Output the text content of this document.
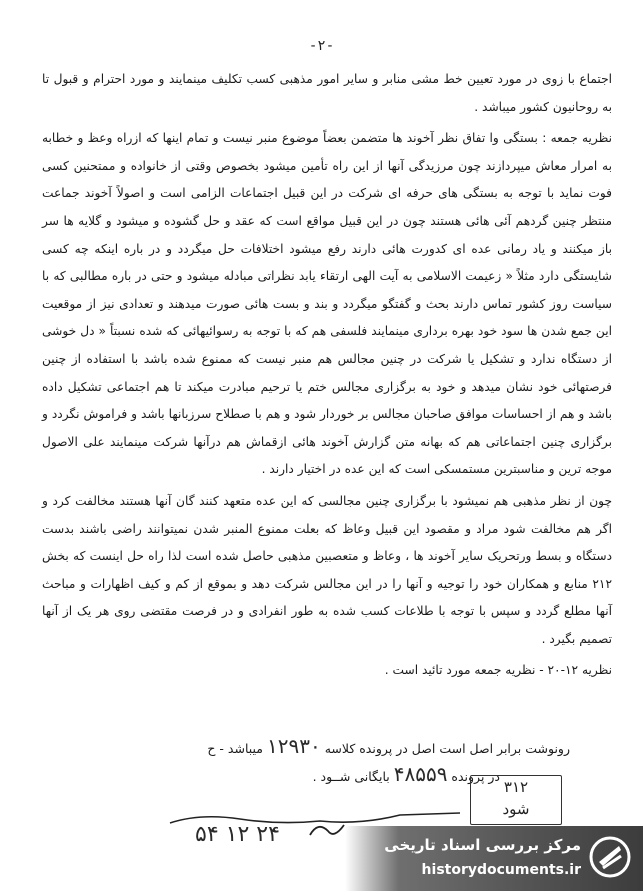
-۲-

اجتماع با زوی در مورد تعیین خط مشی منابر و سایر امور مذهبی کسب تکلیف مینمایند و مورد احترام و قبول تا به روحانیون کشور میباشد .

نظریه جمعه : بستگی وا تفاق نظر آخوند ها متضمن بعضاً موضوع منبر نیست و تمام اینها که ازراه وعظ و خطابه به امرار معاش میپردازند چون مرزیدگی آنها از این راه تأمین میشود بخصوص وقتی از خانواده و ممتحنین کسی فوت نماید با توجه به بستگی های حرفه ای شرکت در این قبیل اجتماعات الزامی است و اصولاً آخوند جماعت منتظر چنین گردهم آئی هائی هستند چون در این قبیل مواقع است که عقد و حل گشوده و میشود و گلایه ها سر باز میکنند و یاد رمانی عده ای کدورت هائی دارند رفع میشود اختلافات حل میگردد و در باره اینکه چه کسی شایستگی دارد مثلاً « زعیمت الاسلامی به آیت الهی ارتقاء یابد نظراتی مبادله میشود و حتی در باره مطالبی که با سیاست روز کشور تماس دارند بحث و گفتگو میگردد و بند و بست هائی صورت میدهند و تعدادی نیز از موقعیت این جمع شدن ها سود خود بهره برداری مینمایند فلسفی هم که با توجه به رسوائیهائی که شده نسبتاً « دل خوشی از دستگاه ندارد و تشکیل یا شرکت در چنین مجالس هم منبر نیست که ممنوع شده باشد با استفاده از چنین فرصتهائی خود نشان میدهد و خود به برگزاری مجالس ختم یا ترحیم مبادرت میکند تا هم اجتماعی تشکیل داده باشد و هم از احساسات موافق صاحبان مجالس بر خوردار شود و هم با صطلاح سرزبانها باشد و فراموش نگردد و برگزاری چنین اجتماعاتی هم که بهانه متن گزارش آخوند هائی ازقماش هم درآنها شرکت مینمایند علی الاصول موجه ترین و مناسبترین مستمسکی است که این عده در اختیار دارند .

چون از نظر مذهبی هم نمیشود با برگزاری چنین مجالسی که این عده متعهد کنند گان آنها هستند مخالفت کرد و اگر هم مخالفت شود مراد و مقصود این قبیل وعاظ که بعلت ممنوع المنبر شدن نمیتوانند راضی باشند بدست دستگاه و بسط ورتحریک سایر آخوند ها ، وعاظ و متعصبین مذهبی حاصل شده است لذا راه حل اینست که بخش ۲۱۲ منابع و همکاران خود را توجیه و آنها را در این مجالس شرکت دهد و بموقع از کم و کیف اظهارات و مباحث آنها مطلع گردد و سپس با توجه با طلاعات کسب شده به طور انفرادی و در فرصت مقتضی روی هر یک از آنها تصمیم بگیرد .

نظریه ۱۲-۲۰ - نظریه جمعه مورد تائید است .

رونوشت برابر اصل است اصل در پرونده کلاسه ۱۲۹۳۰ میباشد - ح
در پرونده ۴۸۵۵۹ بایگانی شــود .
۳۱۲
شود
۵۴ ۱۲ ۲۴	مرکز بررسی اسناد تاریخی
historydocuments.ir
